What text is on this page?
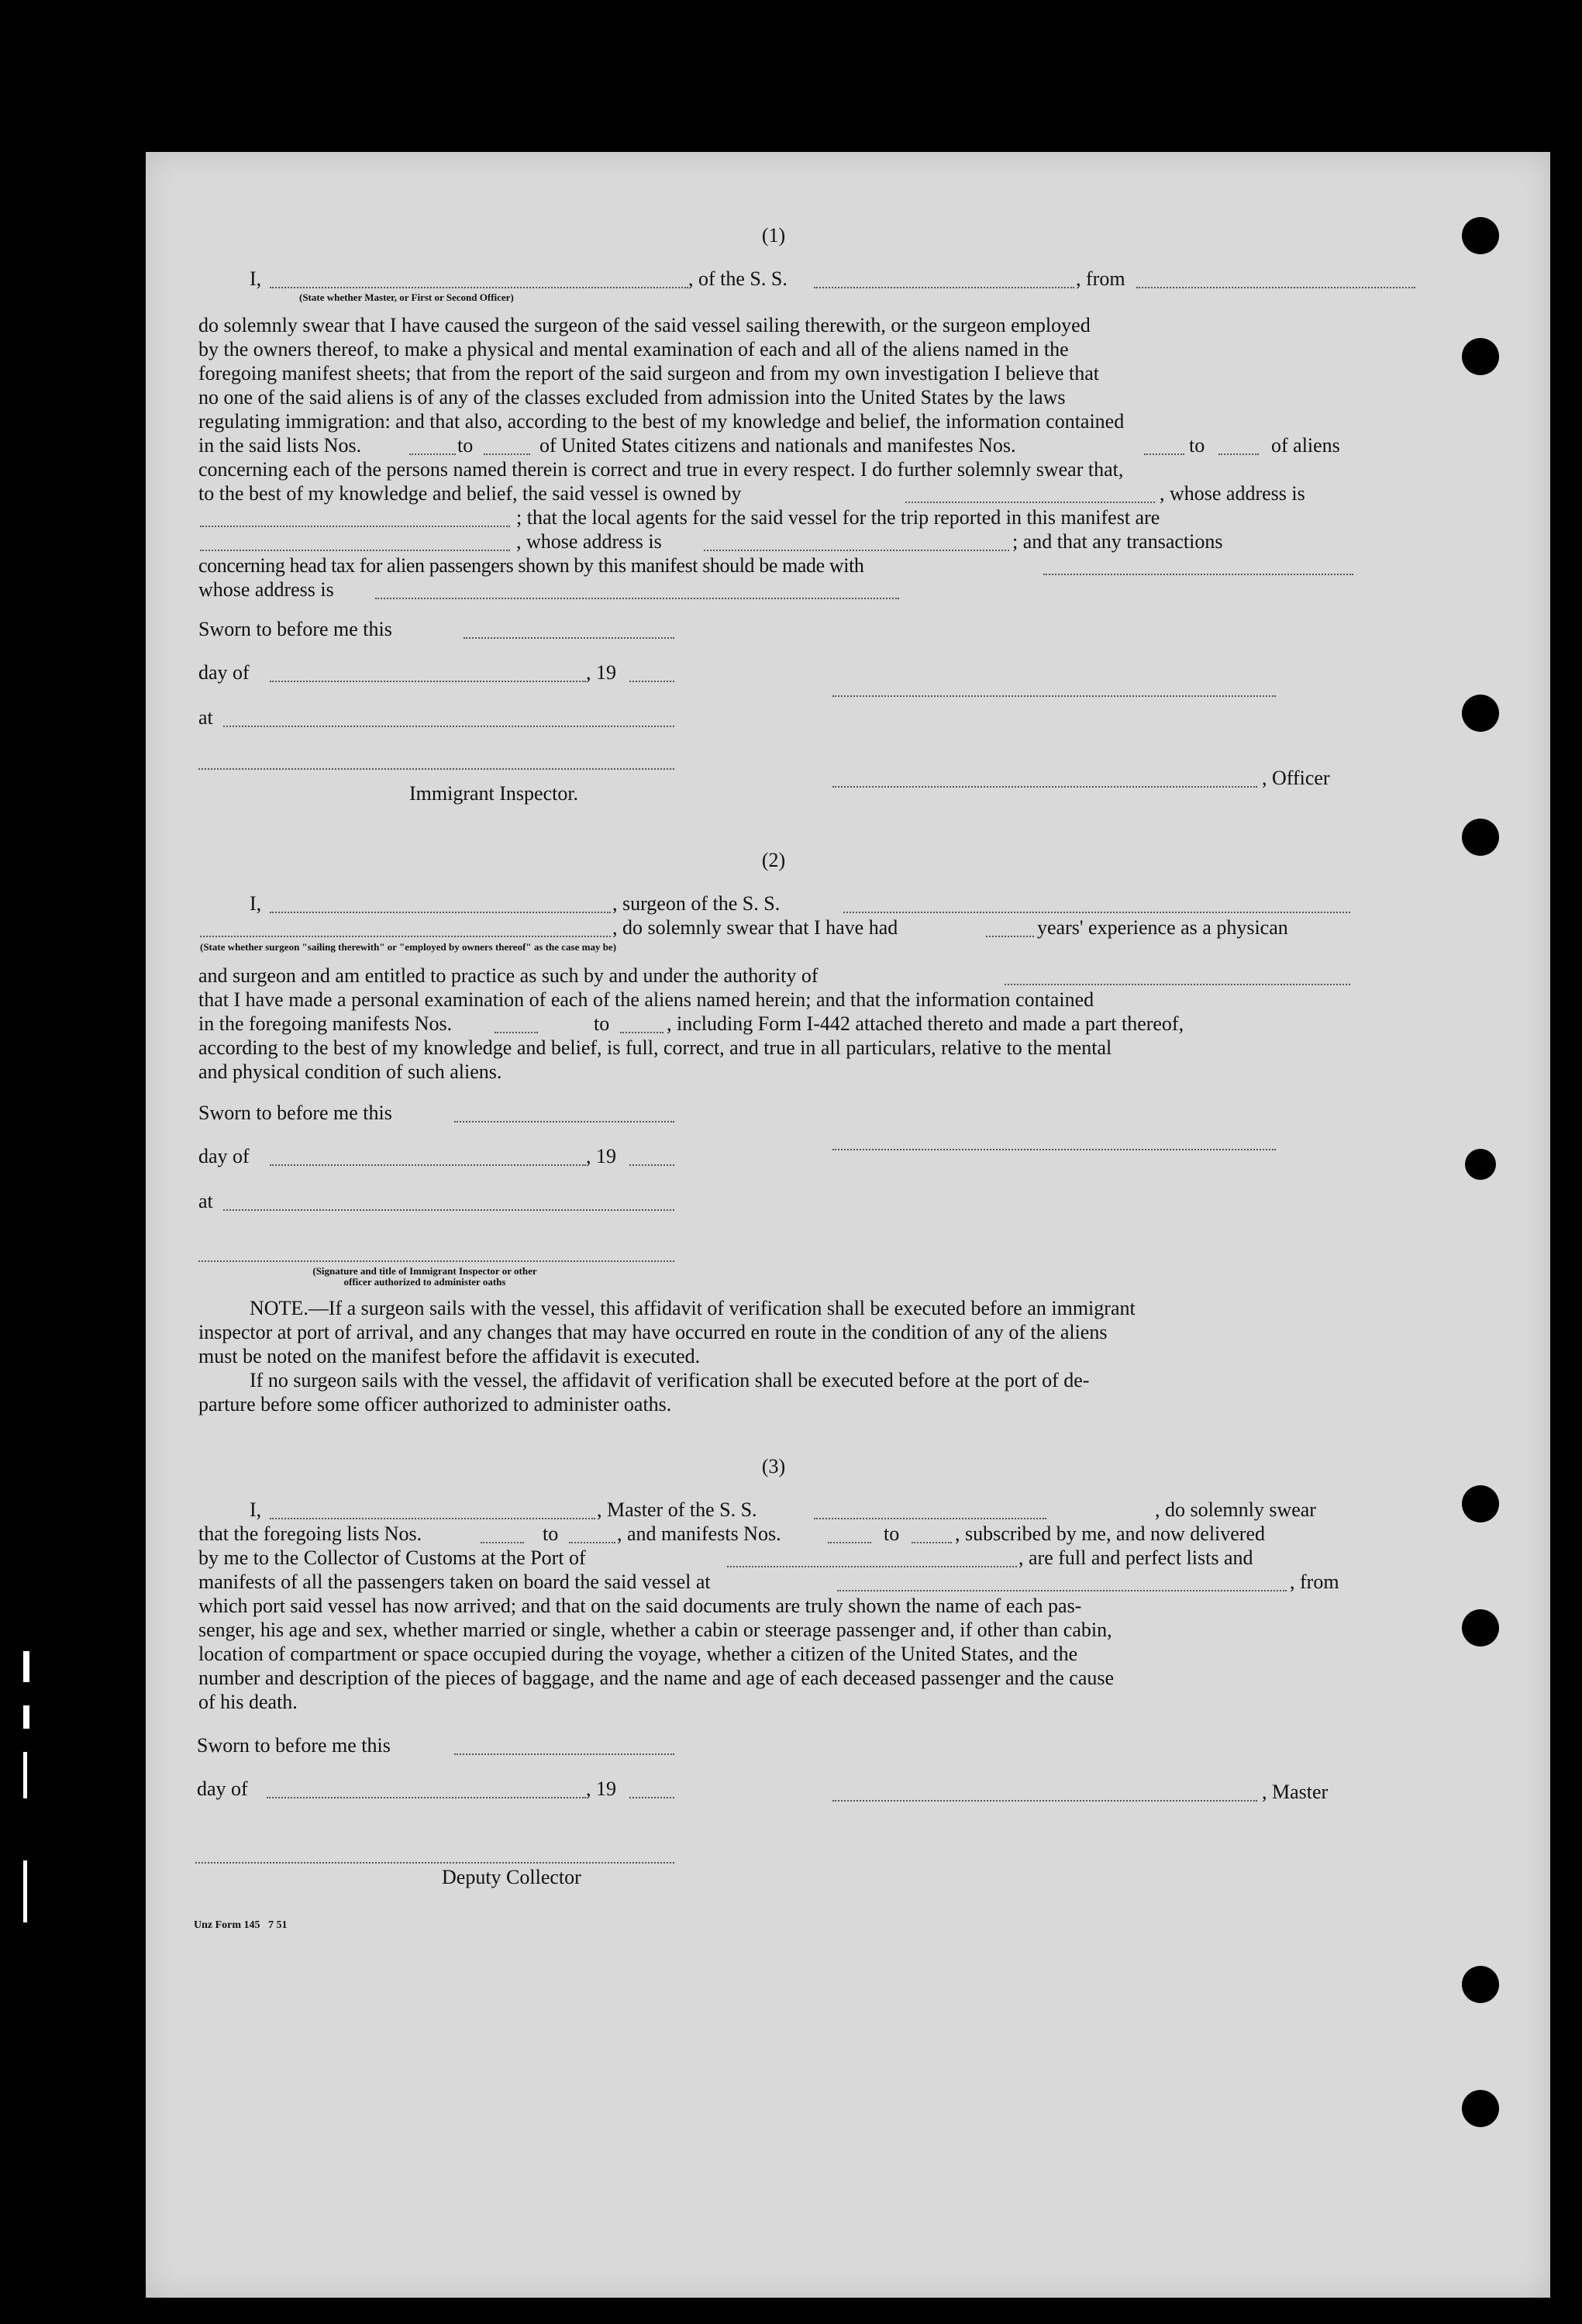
(1)
I,	, of the S. S.	, from
(State whether Master, or First or Second Officer)
do solemnly swear that I have caused the surgeon of the said vessel sailing therewith, or the surgeon employed
by the owners thereof, to make a physical and mental examination of each and all of the aliens named in the
foregoing manifest sheets; that from the report of the said surgeon and from my own investigation I believe that
no one of the said aliens is of any of the classes excluded from admission into the United States by the laws
regulating immigration: and that also, according to the best of my knowledge and belief, the information contained
in the said lists Nos.	to	of United States citizens and nationals and manifestes Nos.	to	of aliens
concerning each of the persons named therein is correct and true in every respect. I do further solemnly swear that,
to the best of my knowledge and belief, the said vessel is owned by	, whose address is
; that the local agents for the said vessel for the trip reported in this manifest are
, whose address is	; and that any transactions
concerning head tax for alien passengers shown by this manifest should be made with
whose address is
Sworn to before me this
day of	, 19
at
, Officer
Immigrant Inspector.
(2)
I,	, surgeon of the S. S.
, do solemnly swear that I have had	years' experience as a physican
(State whether surgeon "sailing therewith" or "employed by owners thereof" as the case may be)
and surgeon and am entitled to practice as such by and under the authority of
that I have made a personal examination of each of the aliens named herein; and that the information contained
in the foregoing manifests Nos.	to	, including Form I-442 attached thereto and made a part thereof,
according to the best of my knowledge and belief, is full, correct, and true in all particulars, relative to the mental
and physical condition of such aliens.
Sworn to before me this
day of	, 19
at
(Signature and title of Immigrant Inspector or other
officer authorized to administer oaths
NOTE.—If a surgeon sails with the vessel, this affidavit of verification shall be executed before an immigrant
inspector at port of arrival, and any changes that may have occurred en route in the condition of any of the aliens
must be noted on the manifest before the affidavit is executed.
If no surgeon sails with the vessel, the affidavit of verification shall be executed before at the port of de-
parture before some officer authorized to administer oaths.
(3)
I,	, Master of the S. S.	, do solemnly swear
that the foregoing lists Nos.	to	, and manifests Nos.	to	, subscribed by me, and now delivered
by me to the Collector of Customs at the Port of	, are full and perfect lists and
manifests of all the passengers taken on board the said vessel at	, from
which port said vessel has now arrived; and that on the said documents are truly shown the name of each pas-
senger, his age and sex, whether married or single, whether a cabin or steerage passenger and, if other than cabin,
location of compartment or space occupied during the voyage, whether a citizen of the United States, and the
number and description of the pieces of baggage, and the name and age of each deceased passenger and the cause
of his death.
Sworn to before me this
day of	, 19	, Master
Deputy Collector
Unz Form 145   7 51
